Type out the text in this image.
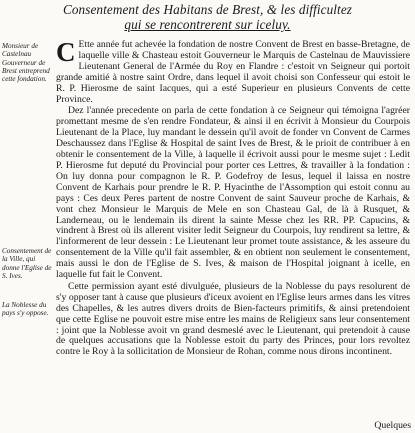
Consentement des Habitans de Brest, & les difficultez
qui se rencontrerent sur iceluy.
Monsieur de Castelnau Gouverneur de Brest entreprend cette fondation.
Consentement de la Ville, qui donne l'Eglise de S. Ives.
La Noblesse du pays s'y oppose.

C Ette année fut achevée la fondation de nostre Convent de Brest en basse-Bretagne, de laquelle ville & Chasteau estoit Gouverneur le Marquis de Castelnau de Mauvissiere Lieutenant General de l'Armée du Roy en Flandre : c'estoit vn Seigneur qui portoit grande amitié à nostre saint Ordre, dans lequel il avoit choisi son Confesseur qui estoit le R. P. Hierosme de saint Iacques, qui a esté Superieur en plusieurs Convents de cette Province.

Dez l'année precedente on parla de cette fondation à ce Seigneur qui témoigna l'agréer promettant mesme de s'en rendre Fondateur, & ainsi il en écrivit à Monsieur du Courpois Lieutenant de la Place, luy mandant le dessein qu'il avoit de fonder vn Convent de Carmes Deschaussez dans l'Eglise & Hospital de saint Ives de Brest, & le prioit de contribuer à en obtenir le consentement de la Ville, à laquelle il écrivoit aussi pour le mesme sujet : Ledit P. Hierosme fut deputé du Provincial pour porter ces Lettres, & travailler à la fondation : On luy donna pour compagnon le R. P. Godefroy de Iesus, lequel il laissa en nostre Convent de Karhais pour prendre le R. P. Hyacinthe de l'Assomption qui estoit connu au pays : Ces deux Peres partent de nostre Convent de saint Sauveur proche de Karhais, & vont chez Monsieur le Marquis de Mele en son Chasteau Gal, de là à Rusquet, & Landerneau, ou le lendemain ils dirent la sainte Messe chez les RR. PP. Capucins, & vindrent à Brest où ils allerent visiter ledit Seigneur du Courpois, luy rendirent sa lettre, & l'informerent de leur dessein : Le Lieutenant leur promet toute assistance, & les asseure du consentement de la Ville qu'il fait assembler, & en obtient non seulement le consentement, mais aussi le don de l'Eglise de S. Ives, & maison de l'Hospital joignant à icelle, en laquelle fut fait le Convent.

Cette permission ayant esté divulguée, plusieurs de la Noblesse du pays resolurent de s'y opposer tant à cause que plusieurs d'iceux avoient en l'Eglise leurs armes dans les vitres des Chapelles, & les autres divers droits de Bien-facteurs primitifs, & ainsi pretendoient que cette Eglise ne pouvoit estre mise entre les mains de Religieux sans leur consentement : joint que la Noblesse avoit vn grand desmeslé avec le Lieutenant, qui pretendoit à cause de quelques accusations que la Noblesse estoit du party des Princes, pour lors revoltez contre le Roy à la sollicitation de Monsieur de Rohan, comme nous dirons incontinent.

Quelques
